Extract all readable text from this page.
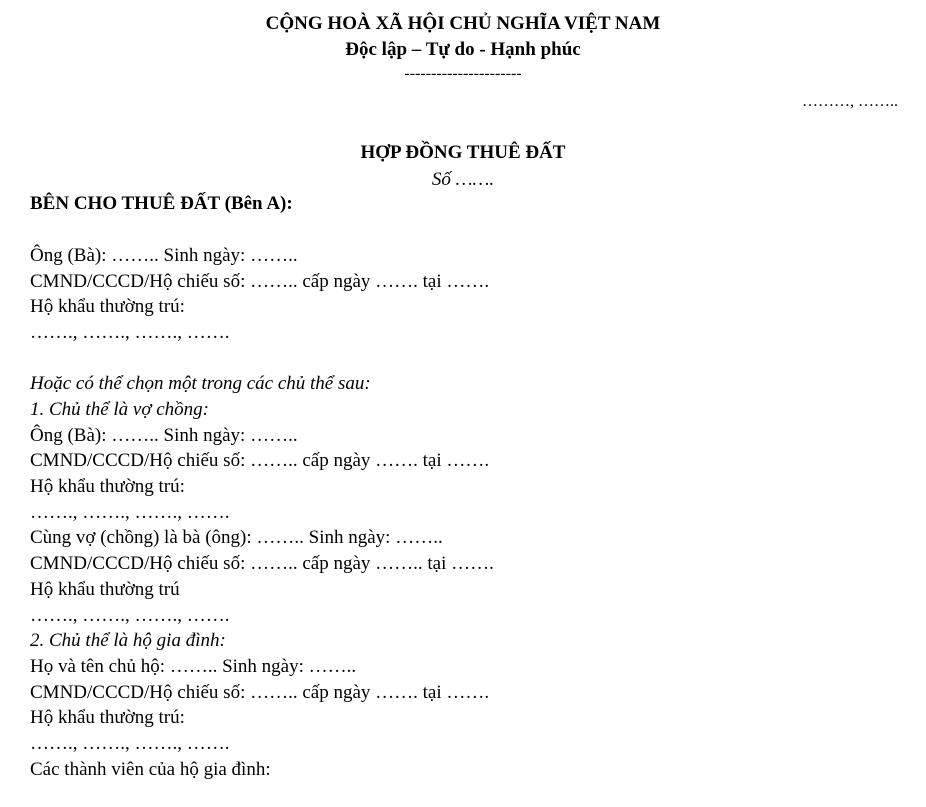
CỘNG HOÀ XÃ HỘI CHỦ NGHĨA VIỆT NAM
Độc lập – Tự do - Hạnh phúc
----------------------
………, ……..
HỢP ĐỒNG THUÊ ĐẤT
Số …….
BÊN CHO THUÊ ĐẤT (Bên A):
Ông (Bà): …….. Sinh ngày: ……..
CMND/CCCD/Hộ chiếu số: …….. cấp ngày ……. tại …….
Hộ khẩu thường trú:
……., ……., ……., …….
Hoặc có thể chọn một trong các chủ thể sau:
1. Chủ thể là vợ chồng:
Ông (Bà): …….. Sinh ngày: ……..
CMND/CCCD/Hộ chiếu số: …….. cấp ngày ……. tại …….
Hộ khẩu thường trú:
……., ……., ……., …….
Cùng vợ (chồng) là bà (ông): …….. Sinh ngày: ……..
CMND/CCCD/Hộ chiếu số: …….. cấp ngày …….. tại …….
Hộ khẩu thường trú
……., ……., ……., …….
2. Chủ thể là hộ gia đình:
Họ và tên chủ hộ: …….. Sinh ngày: ……..
CMND/CCCD/Hộ chiếu số: …….. cấp ngày ……. tại …….
Hộ khẩu thường trú:
……., ……., ……., …….
Các thành viên của hộ gia đình:
